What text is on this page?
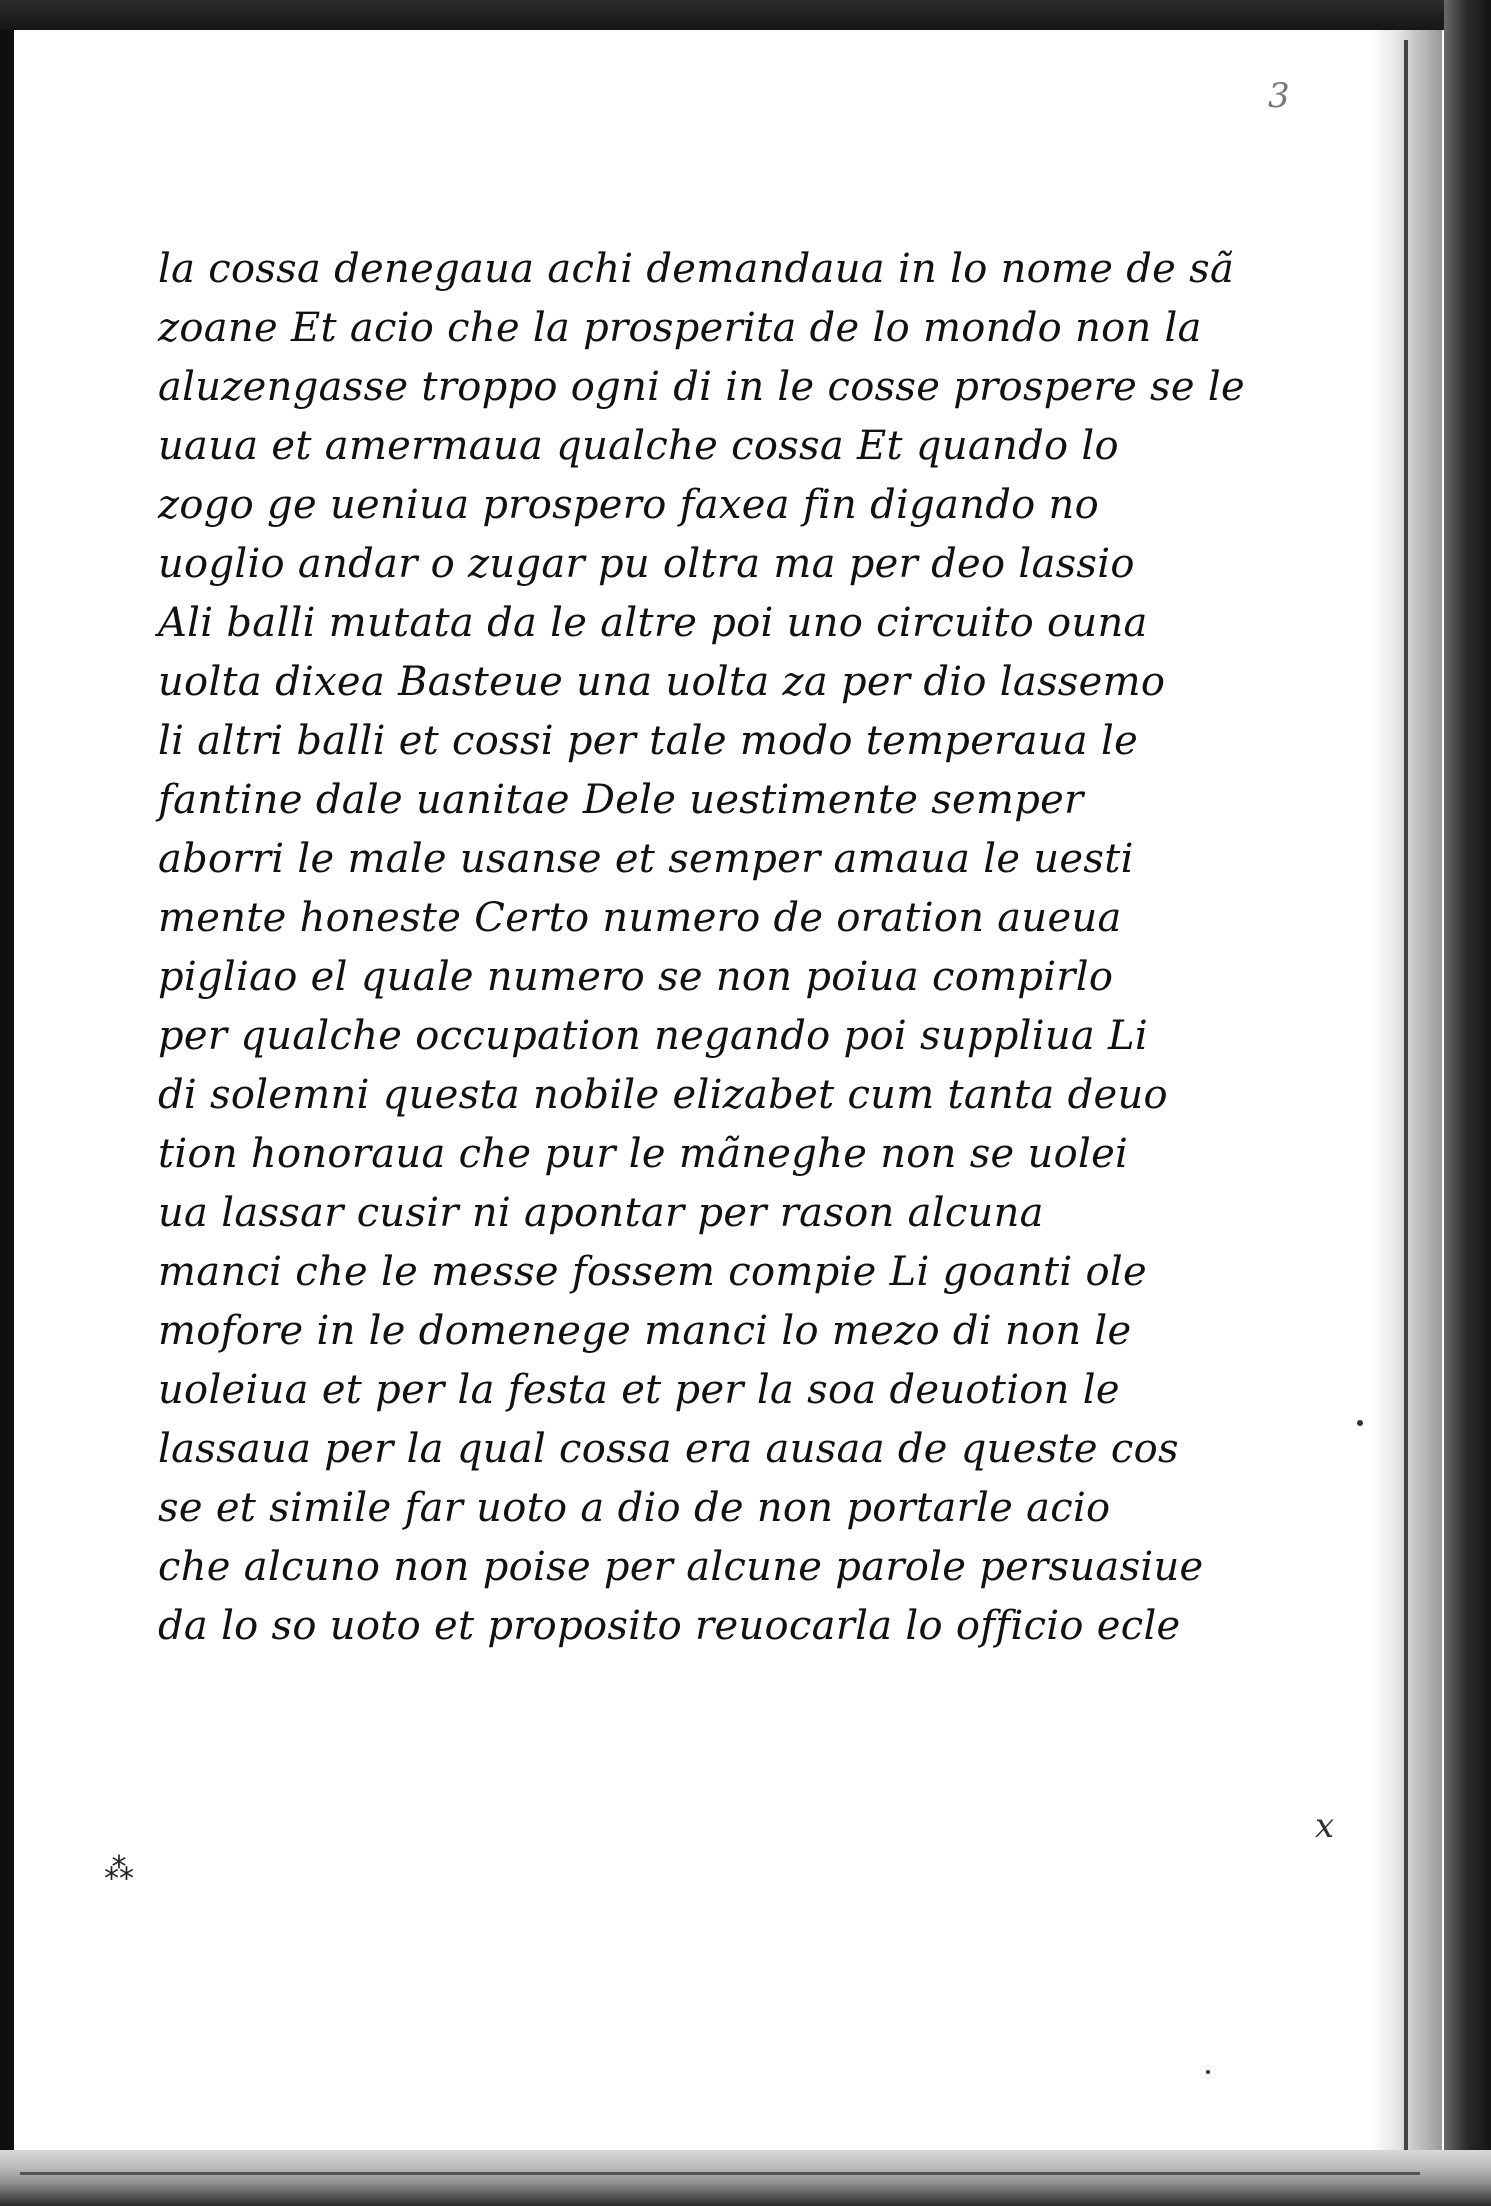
3
la cossa denegaua achi demandaua in lo nome de sã
zoane Et acio che la prosperita de lo mondo non la
aluzengasse troppo ogni di in le cosse prospere se le
uaua et amermaua qualche cossa Et quando lo
zogo ge ueniua prospero faxea fin digando no
uoglio andar o zugar pu oltra ma per deo lassio
Ali balli mutata da le altre poi uno circuito ouna
uolta dixea Basteue una uolta za per dio lassemo
li altri balli et cossi per tale modo temperaua le
fantine dale uanitae Dele uestimente semper
aborri le male usanse et semper amaua le uesti
mente honeste Certo numero de oration aueua
pigliao el quale numero se non poiua compirlo
per qualche occupation negando poi suppliua Li
di solemni questa nobile elizabet cum tanta deuo
tion honoraua che pur le mãneghe non se uolei
ua lassar cusir ni apontar per rason alcuna
manci che le messe fossem compie Li goanti ole
mofore in le domenege manci lo mezo di non le
uoleiua et per la festa et per la soa deuotion le
lassaua per la qual cossa era ausaa de queste cos
se et simile far uoto a dio de non portarle acio
che alcuno non poise per alcune parole persuasiue
da lo so uoto et proposito reuocarla lo officio ecle
⁂
x
